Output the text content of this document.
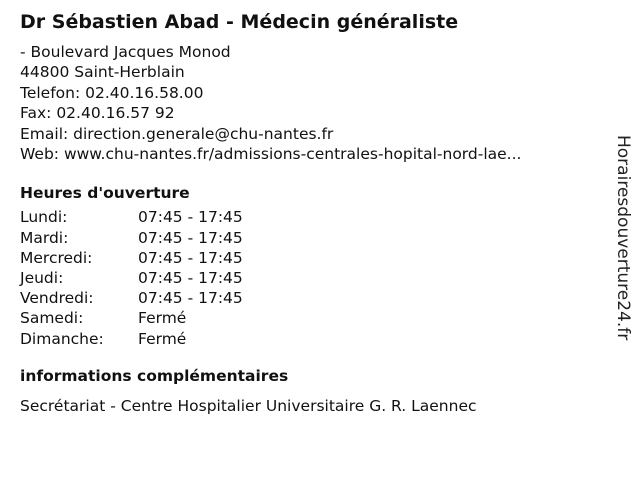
Dr Sébastien Abad - Médecin généraliste
- Boulevard Jacques Monod
44800 Saint-Herblain
Telefon: 02.40.16.58.00
Fax: 02.40.16.57 92
Email: direction.generale@chu-nantes.fr
Web: www.chu-nantes.fr/admissions-centrales-hopital-nord-lae...
Heures d'ouverture
Lundi:	07:45 - 17:45
Mardi:	07:45 - 17:45
Mercredi:	07:45 - 17:45
Jeudi:	07:45 - 17:45
Vendredi:	07:45 - 17:45
Samedi:	Fermé
Dimanche:	Fermé
informations complémentaires
Secrétariat - Centre Hospitalier Universitaire G. R. Laennec
Horairesdouverture24.fr
